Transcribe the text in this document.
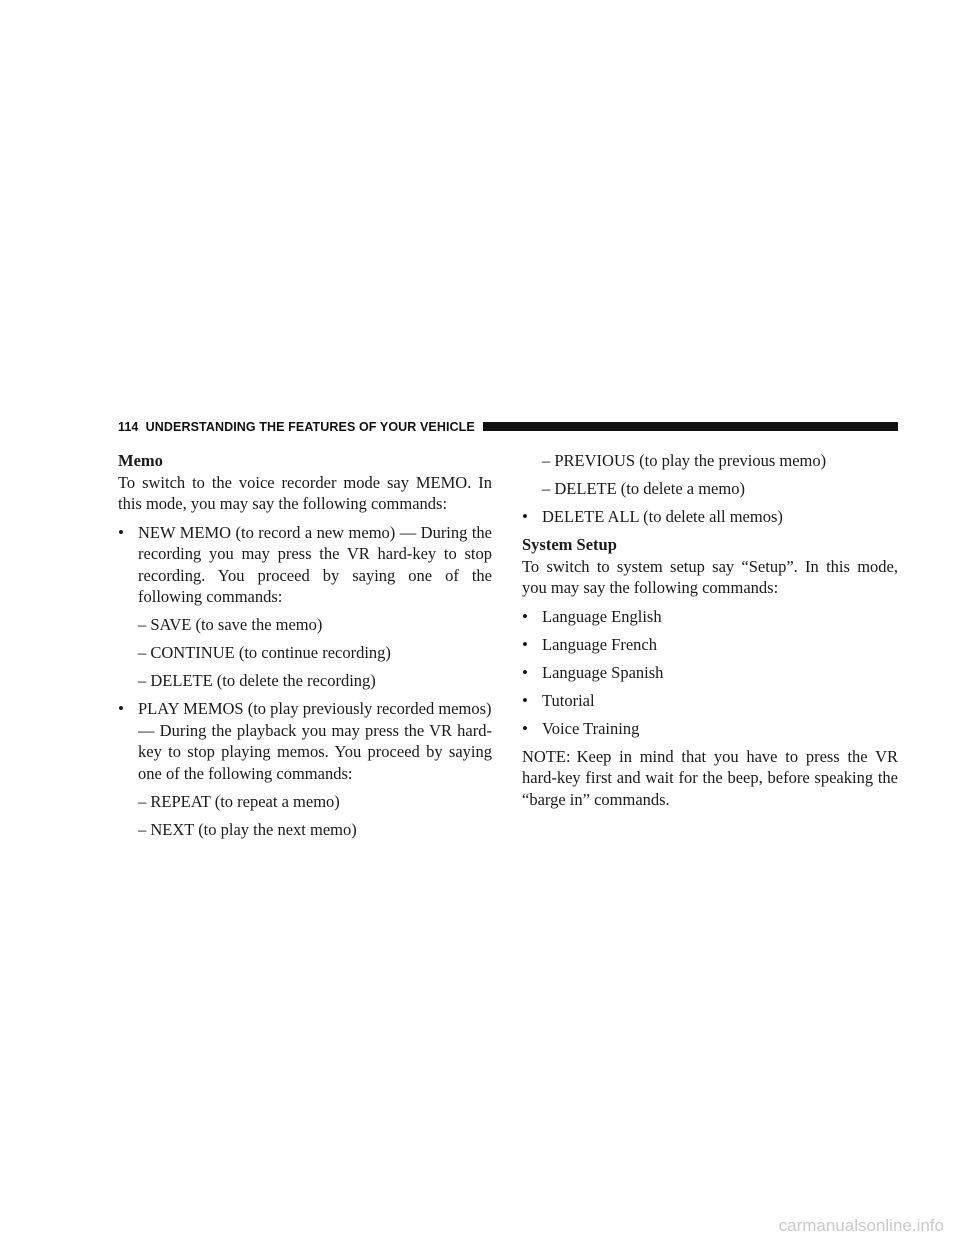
114 UNDERSTANDING THE FEATURES OF YOUR VEHICLE

Memo

To switch to the voice recorder mode say MEMO. In this mode, you may say the following commands:

• NEW MEMO (to record a new memo) — During the recording you may press the VR hard-key to stop recording. You proceed by saying one of the following commands:
– SAVE (to save the memo)
– CONTINUE (to continue recording)
– DELETE (to delete the recording)
• PLAY MEMOS (to play previously recorded memos)
— During the playback you may press the VR hard-key to stop playing memos. You proceed by saying one of the following commands:
– REPEAT (to repeat a memo)
– NEXT (to play the next memo)
– PREVIOUS (to play the previous memo)
– DELETE (to delete a memo)
• DELETE ALL (to delete all memos)

System Setup

To switch to system setup say “Setup”. In this mode, you may say the following commands:

• Language English
• Language French
• Language Spanish
• Tutorial
• Voice Training

NOTE: Keep in mind that you have to press the VR hard-key first and wait for the beep, before speaking the “barge in” commands.

carmanualsonline.info
